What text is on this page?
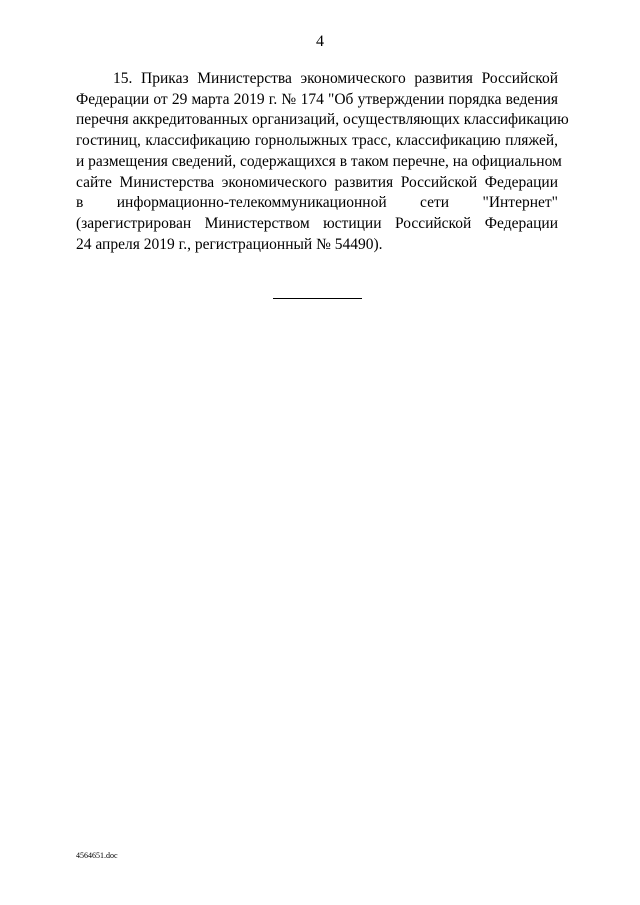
4

15. Приказ Министерства экономического развития Российской
Федерации от 29 марта 2019 г. № 174 "Об утверждении порядка ведения
перечня аккредитованных организаций, осуществляющих классификацию
гостиниц, классификацию горнолыжных трасс, классификацию пляжей,
и размещения сведений, содержащихся в таком перечне, на официальном
сайте Министерства экономического развития Российской Федерации
в информационно-телекоммуникационной сети "Интернет"
(зарегистрирован Министерством юстиции Российской Федерации
24 апреля 2019 г., регистрационный № 54490).

4564651.doc
